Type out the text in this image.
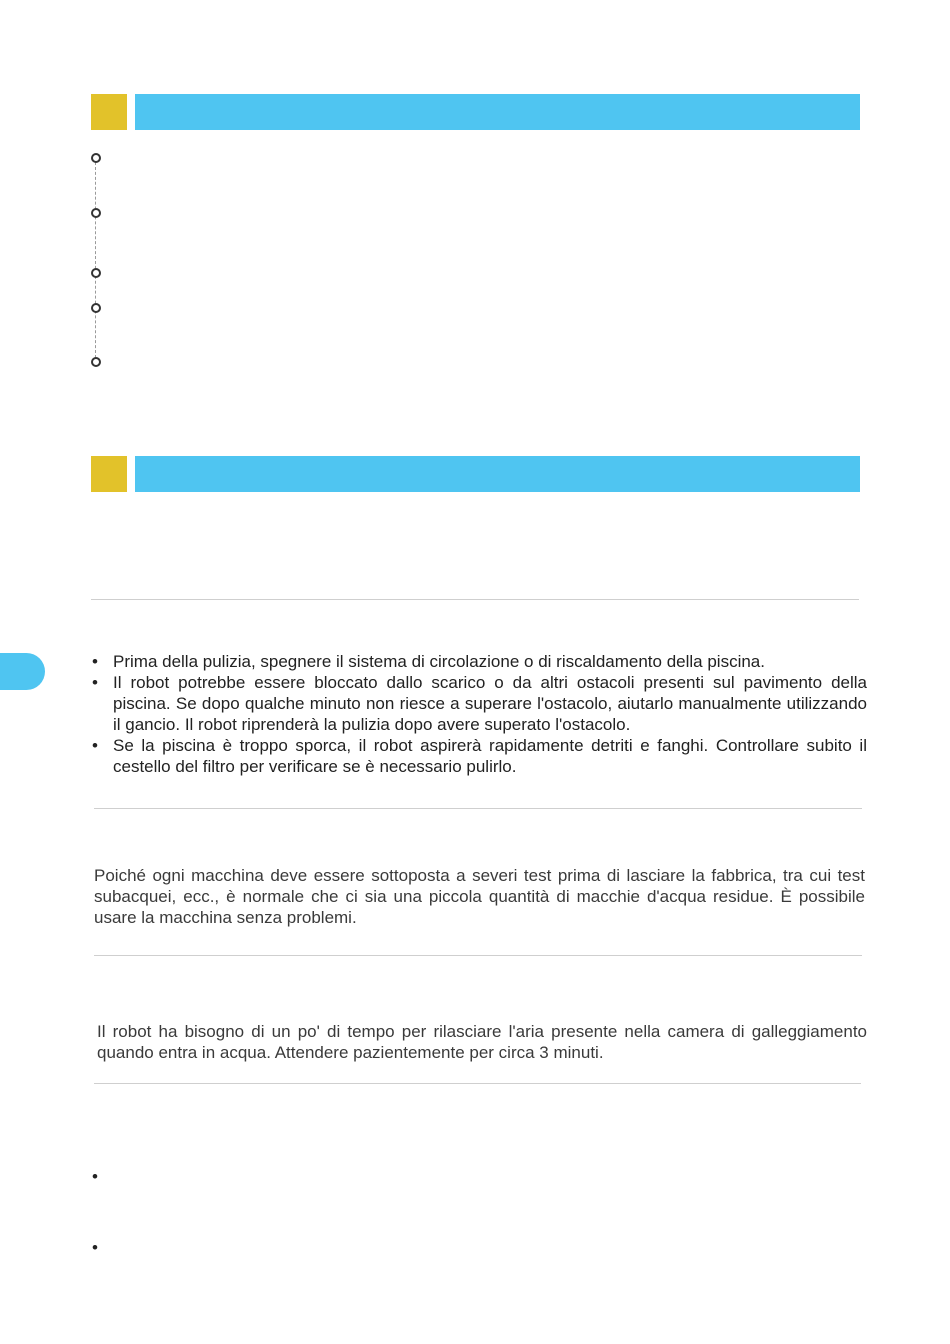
• Prima della pulizia, spegnere il sistema di circolazione o di riscaldamento della piscina.
• Il robot potrebbe essere bloccato dallo scarico o da altri ostacoli presenti sul pavimento della piscina. Se dopo qualche minuto non riesce a superare l'ostacolo, aiutarlo manualmente utilizzando il gancio. Il robot riprenderà la pulizia dopo avere superato l'ostacolo.
• Se la piscina è troppo sporca, il robot aspirerà rapidamente detriti e fanghi. Controllare subito il cestello del filtro per verificare se è necessario pulirlo.
Poiché ogni macchina deve essere sottoposta a severi test prima di lasciare la fabbrica, tra cui test subacquei, ecc., è normale che ci sia una piccola quantità di macchie d'acqua residue. È possibile usare la macchina senza problemi.
Il robot ha bisogno di un po' di tempo per rilasciare l'aria presente nella camera di galleggiamento quando entra in acqua. Attendere pazientemente per circa 3 minuti.
•
•
